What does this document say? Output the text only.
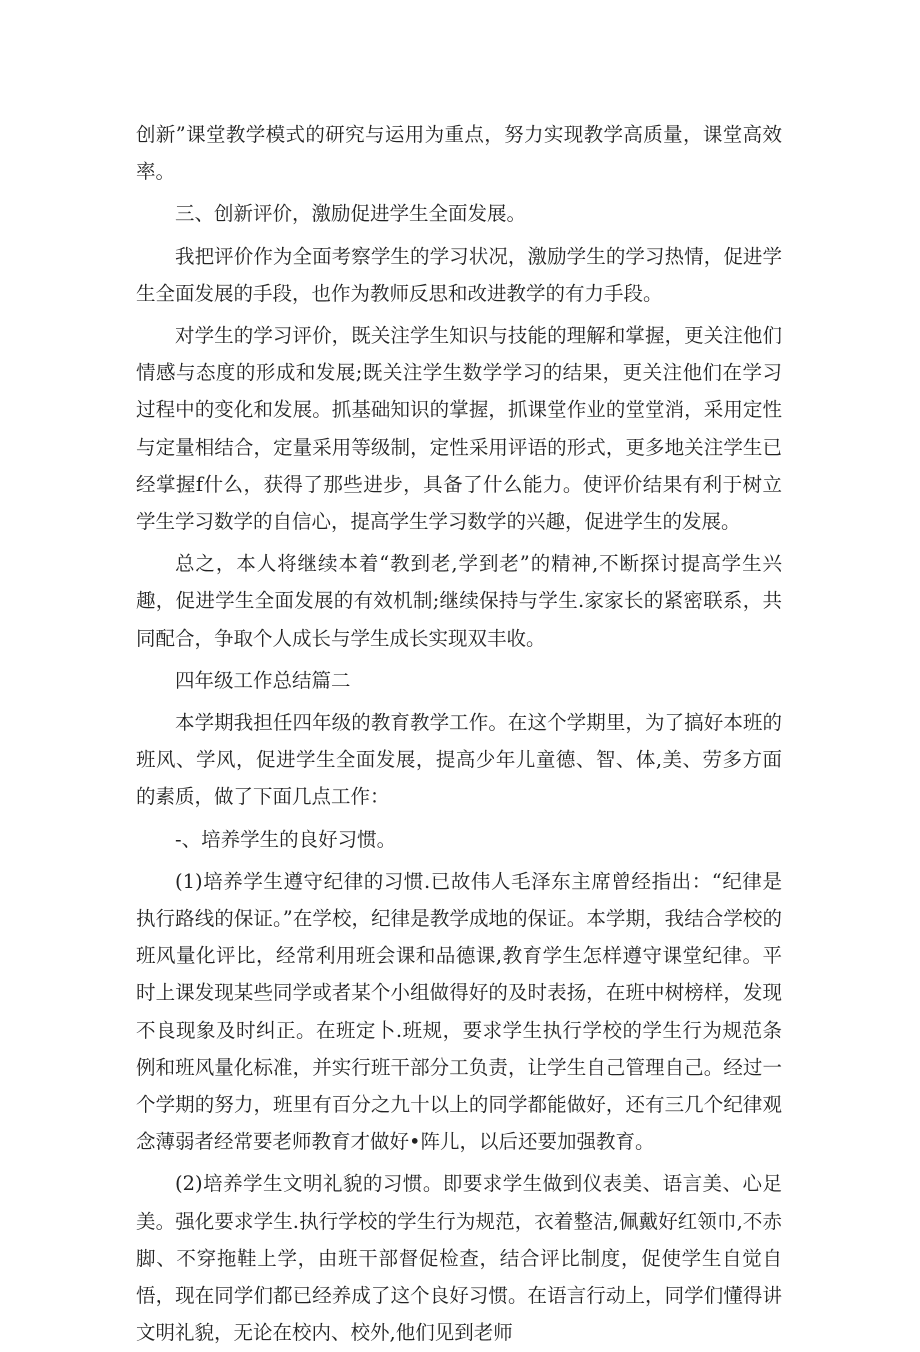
创新”课堂教学模式的研究与运用为重点，努力实现教学高质量，课堂高效率。

三、创新评价，激励促进学生全面发展。

我把评价作为全面考察学生的学习状况，激励学生的学习热情，促进学生全面发展的手段，也作为教师反思和改进教学的有力手段。

对学生的学习评价，既关注学生知识与技能的理解和掌握，更关注他们情感与态度的形成和发展;既关注学生数学学习的结果，更关注他们在学习过程中的变化和发展。抓基础知识的掌握，抓课堂作业的堂堂消，采用定性与定量相结合，定量采用等级制，定性采用评语的形式，更多地关注学生已经掌握f什么，获得了那些进步，具备了什么能力。使评价结果有利于树立学生学习数学的自信心，提高学生学习数学的兴趣，促进学生的发展。

总之，本人将继续本着“教到老,学到老”的精神,不断探讨提高学生兴趣，促进学生全面发展的有效机制;继续保持与学生.家家长的紧密联系，共同配合，争取个人成长与学生成长实现双丰收。

四年级工作总结篇二

本学期我担任四年级的教育教学工作。在这个学期里，为了搞好本班的班风、学风，促进学生全面发展，提高少年儿童德、智、体,美、劳多方面的素质，做了下面几点工作：

-、培养学生的良好习惯。

(1)培养学生遵守纪律的习惯.已故伟人毛泽东主席曾经指出：“纪律是执行路线的保证。”在学校，纪律是教学成地的保证。本学期，我结合学校的班风量化评比，经常利用班会课和品德课,教育学生怎样遵守课堂纪律。平时上课发现某些同学或者某个小组做得好的及时表扬，在班中树榜样，发现不良现象及时纠正。在班定卜.班规，要求学生执行学校的学生行为规范条例和班风量化标准，并实行班干部分工负责，让学生自己管理自己。经过一个学期的努力，班里有百分之九十以上的同学都能做好，还有三几个纪律观念薄弱者经常要老师教育才做好•阵儿，以后还要加强教育。

(2)培养学生文明礼貌的习惯。即要求学生做到仪表美、语言美、心足美。强化要求学生.执行学校的学生行为规范，衣着整洁,佩戴好红领巾,不赤脚、不穿拖鞋上学，由班干部督促检查，结合评比制度，促使学生自觉自悟，现在同学们都已经养成了这个良好习惯。在语言行动上，同学们懂得讲文明礼貌，无论在校内、校外,他们见到老师
